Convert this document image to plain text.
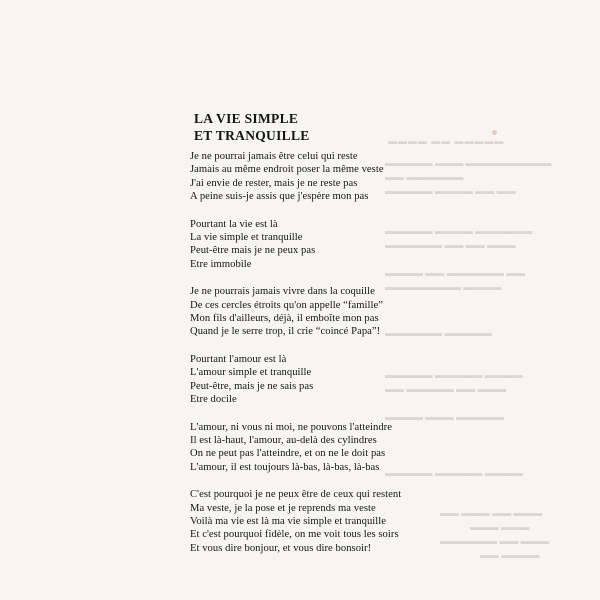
▬▬▬▬ ▬▬ ▬▬▬▬▬
▬▬▬▬▬ ▬▬▬ ▬▬▬▬▬▬▬▬▬
▬▬ ▬▬▬▬▬▬
▬▬▬▬▬ ▬▬▬▬ ▬▬ ▬▬
▬▬▬▬▬ ▬▬▬▬ ▬▬▬▬▬▬
▬▬▬▬▬▬ ▬▬ ▬▬ ▬▬▬
▬▬▬▬ ▬▬ ▬▬▬▬▬▬ ▬▬
▬▬▬▬▬▬▬▬ ▬▬▬▬
▬▬▬▬▬▬ ▬▬▬▬▬
▬▬▬▬▬ ▬▬▬▬▬ ▬▬▬▬
▬▬ ▬▬▬▬▬ ▬▬ ▬▬▬
▬▬▬▬ ▬▬▬ ▬▬▬▬▬
▬▬▬▬▬ ▬▬▬▬▬ ▬▬▬▬
▬▬ ▬▬▬ ▬▬ ▬▬▬
▬▬▬ ▬▬▬
▬▬▬▬▬▬ ▬▬ ▬▬▬
▬▬ ▬▬▬▬
LA VIE SIMPLE
ET TRANQUILLE
Je ne pourrai jamais être celui qui reste
Jamais au même endroit poser la même veste
J'ai envie de rester, mais je ne reste pas
A peine suis-je assis que j'espère mon pas
Pourtant la vie est là
La vie simple et tranquille
Peut-être mais je ne peux pas
Etre immobile
Je ne pourrais jamais vivre dans la coquille
De ces cercles étroits qu'on appelle “famille”
Mon fils d'ailleurs, déjà, il emboîte mon pas
Quand je le serre trop, il crie “coincé Papa”!
Pourtant l'amour est là
L'amour simple et tranquille
Peut-être, mais je ne sais pas
Etre docile
L'amour, ni vous ni moi, ne pouvons l'atteindre
Il est là-haut, l'amour, au-delà des cylindres
On ne peut pas l'atteindre, et on ne le doit pas
L'amour, il est toujours là-bas, là-bas, là-bas
C'est pourquoi je ne peux être de ceux qui restent
Ma veste, je la pose et je reprends ma veste
Voilà ma vie est là ma vie simple et tranquille
Et c'est pourquoi fidèle, on me voit tous les soirs
Et vous dire bonjour, et vous dire bonsoir!
